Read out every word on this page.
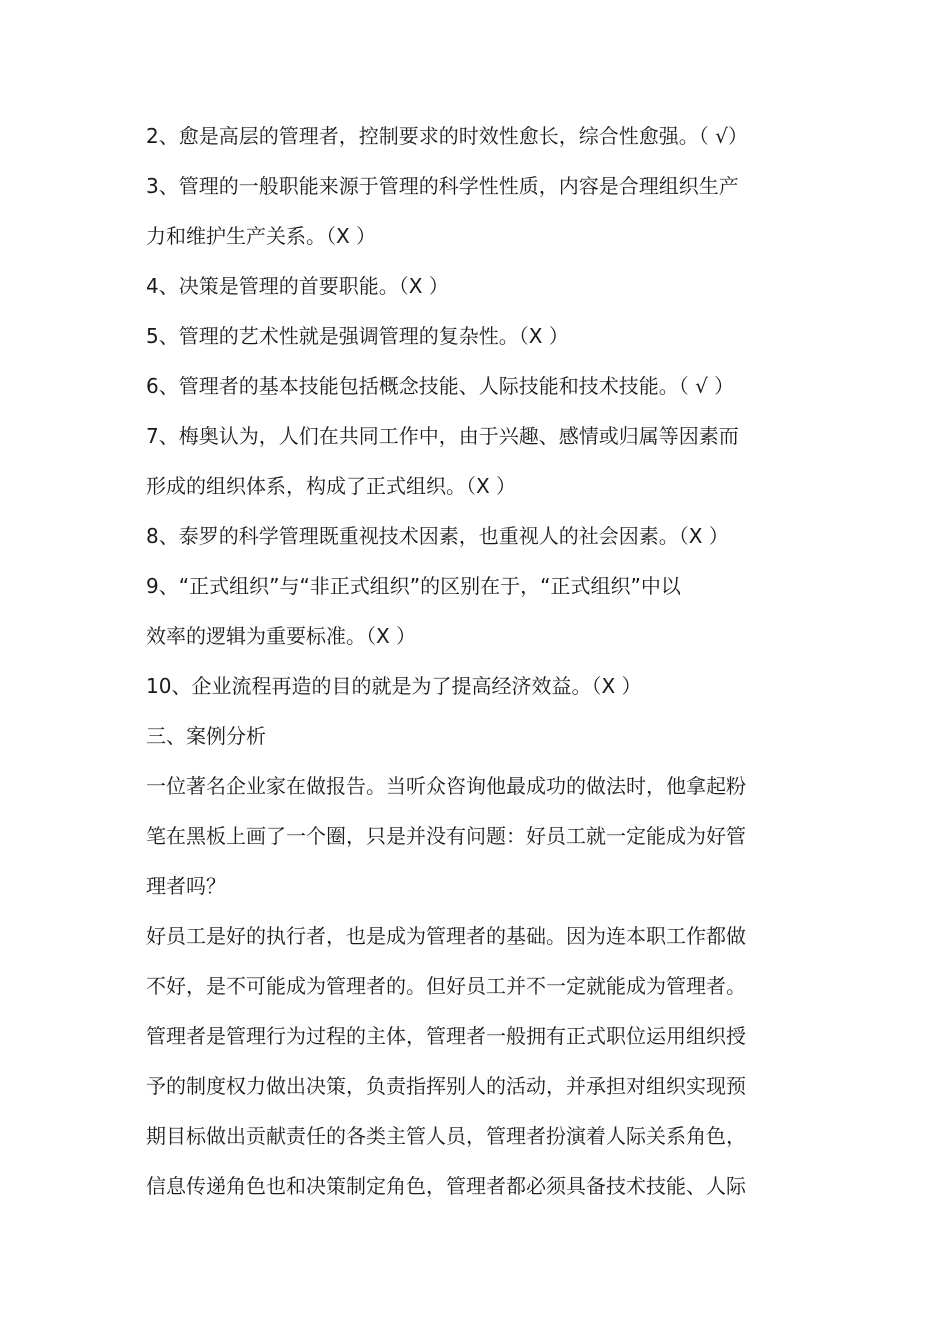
2、愈是高层的管理者，控制要求的时效性愈长，综合性愈强。（ √）
3、管理的一般职能来源于管理的科学性性质，内容是合理组织生产
力和维护生产关系。（X ）
4、决策是管理的首要职能。（X ）
5、管理的艺术性就是强调管理的复杂性。（X ）
6、管理者的基本技能包括概念技能、人际技能和技术技能。（ √ ）
7、梅奥认为，人们在共同工作中，由于兴趣、感情或归属等因素而
形成的组织体系，构成了正式组织。（X ）
8、泰罗的科学管理既重视技术因素，也重视人的社会因素。（X ）
9、“正式组织”与“非正式组织”的区别在于，“正式组织”中以
效率的逻辑为重要标准。（X ）
10、企业流程再造的目的就是为了提高经济效益。（X ）
三、案例分析
一位著名企业家在做报告。当听众咨询他最成功的做法时，他拿起粉
笔在黑板上画了一个圈，只是并没有问题：好员工就一定能成为好管
理者吗？
好员工是好的执行者，也是成为管理者的基础。因为连本职工作都做
不好，是不可能成为管理者的。但好员工并不一定就能成为管理者。
管理者是管理行为过程的主体，管理者一般拥有正式职位运用组织授
予的制度权力做出决策，负责指挥别人的活动，并承担对组织实现预
期目标做出贡献责任的各类主管人员，管理者扮演着人际关系角色，
信息传递角色也和决策制定角色，管理者都必须具备技术技能、人际
